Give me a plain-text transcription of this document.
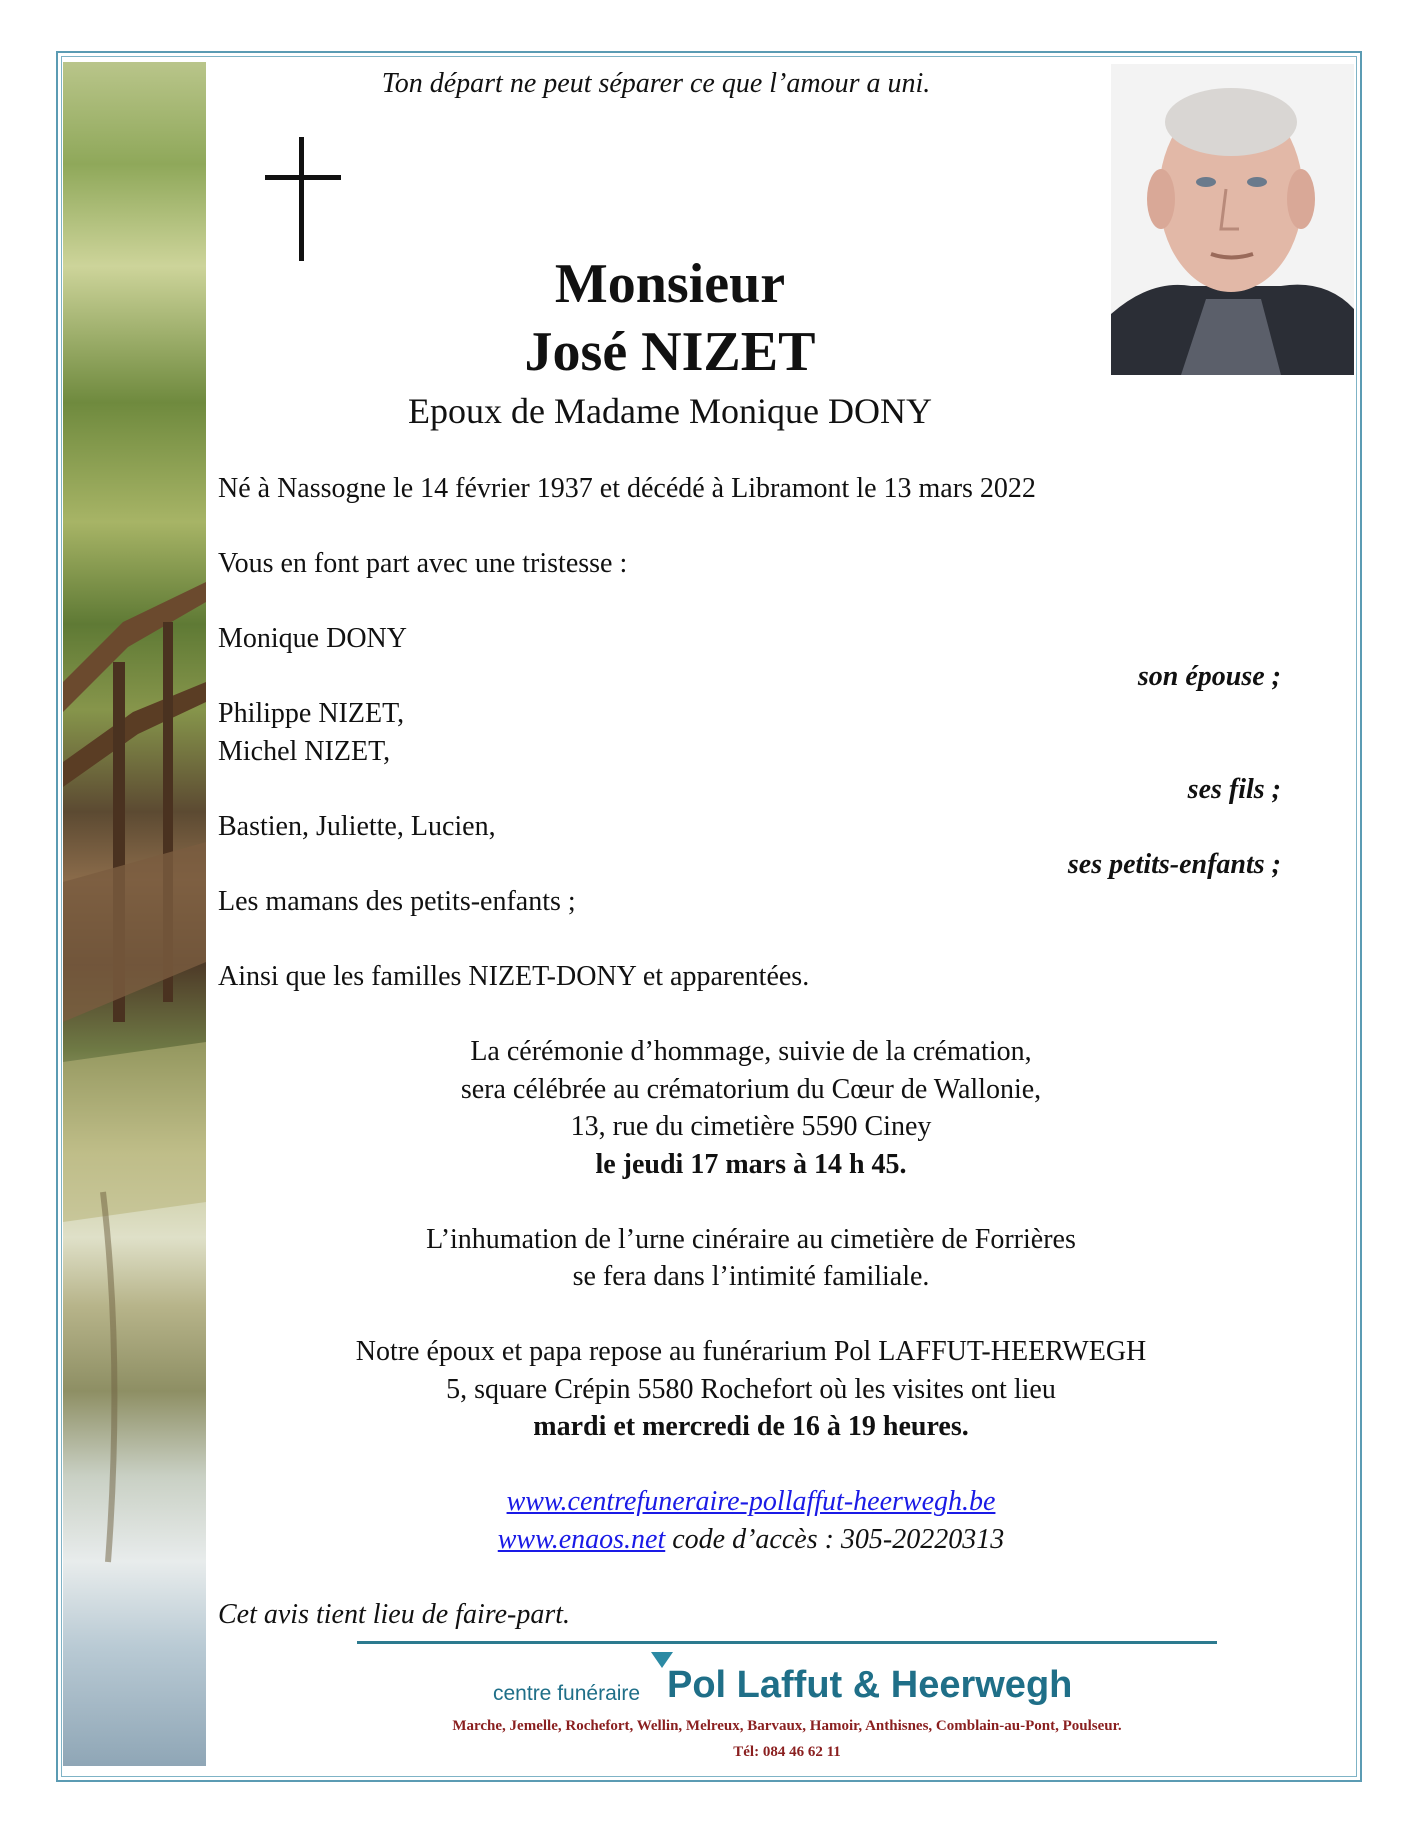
Ton départ ne peut séparer ce que l’amour a uni.
Monsieur
José NIZET
Epoux de Madame Monique DONY
Né à Nassogne le 14 février 1937 et décédé à Libramont le 13 mars 2022
Vous en font part avec une tristesse :
Monique DONY
son épouse ;
Philippe NIZET,
Michel NIZET,
ses fils ;
Bastien, Juliette, Lucien,
ses petits-enfants ;
Les mamans des petits-enfants ;
Ainsi que les familles NIZET-DONY et apparentées.
La cérémonie d’hommage, suivie de la crémation,
sera célébrée au crématorium du Cœur de Wallonie,
13, rue du cimetière 5590 Ciney
le jeudi 17 mars à 14 h 45.
L’inhumation de l’urne cinéraire au cimetière de Forrières
se fera dans l’intimité familiale.
Notre époux et papa repose au funérarium Pol LAFFUT-HEERWEGH
5, square Crépin 5580 Rochefort où les visites ont lieu
mardi et mercredi de 16 à 19 heures.
www.centrefuneraire-pollaffut-heerwegh.be
www.enaos.net code d’accès : 305-20220313
Cet avis tient lieu de faire-part.
centre funéraire Pol Laffut & Heerwegh
Marche, Jemelle, Rochefort, Wellin, Melreux, Barvaux, Hamoir, Anthisnes, Comblain-au-Pont, Poulseur.
Tél: 084 46 62 11
